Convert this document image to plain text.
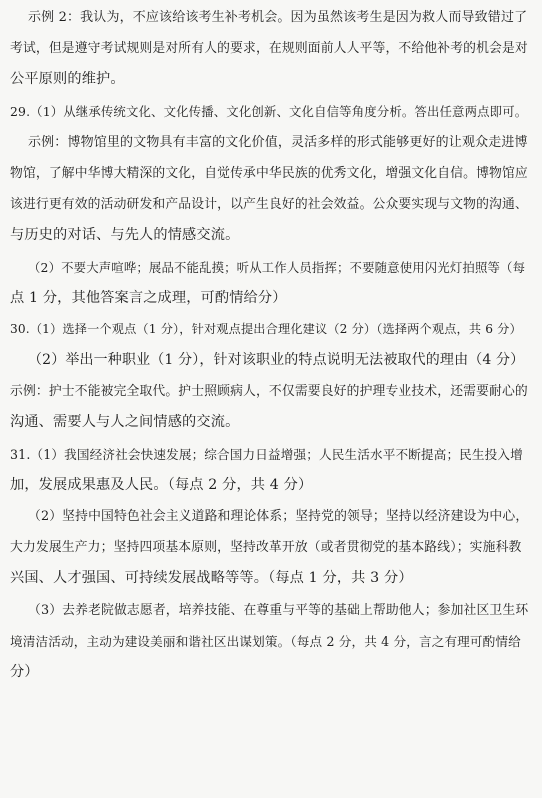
示例 2：我认为，不应该给该考生补考机会。因为虽然该考生是因为救人而导致错过了
考试，但是遵守考试规则是对所有人的要求，在规则面前人人平等，不给他补考的机会是对
公平原则的维护。
29.（1）从继承传统文化、文化传播、文化创新、文化自信等角度分析。答出任意两点即可。
示例：博物馆里的文物具有丰富的文化价值，灵活多样的形式能够更好的让观众走进博
物馆，了解中华博大精深的文化，自觉传承中华民族的优秀文化，增强文化自信。博物馆应
该进行更有效的活动研发和产品设计，以产生良好的社会效益。公众要实现与文物的沟通、
与历史的对话、与先人的情感交流。
（2）不要大声喧哗；展品不能乱摸；听从工作人员指挥；不要随意使用闪光灯拍照等（每
点 1 分，其他答案言之成理，可酌情给分）
30.（1）选择一个观点（1 分），针对观点提出合理化建议（2 分）（选择两个观点，共 6 分）
（2）举出一种职业（1 分），针对该职业的特点说明无法被取代的理由（4 分）
示例：护士不能被完全取代。护士照顾病人，不仅需要良好的护理专业技术，还需要耐心的
沟通、需要人与人之间情感的交流。
31.（1）我国经济社会快速发展；综合国力日益增强；人民生活水平不断提高；民生投入增
加，发展成果惠及人民。（每点 2 分，共 4 分）
（2）坚持中国特色社会主义道路和理论体系；坚持党的领导；坚持以经济建设为中心，
大力发展生产力；坚持四项基本原则，坚持改革开放（或者贯彻党的基本路线）；实施科教
兴国、人才强国、可持续发展战略等等。（每点 1 分，共 3 分）
（3）去养老院做志愿者，培养技能、在尊重与平等的基础上帮助他人；参加社区卫生环
境清洁活动，主动为建设美丽和谐社区出谋划策。（每点 2 分，共 4 分，言之有理可酌情给
分）
